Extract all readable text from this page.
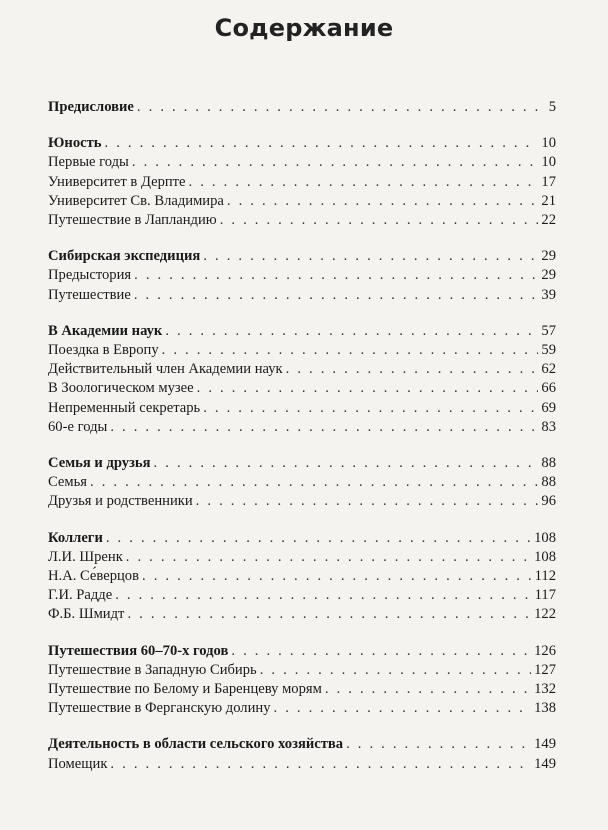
Содержание
Предисловие . . .	5
Юность . . .	10
Первые годы . . .	10
Университет в Дерпте . . .	17
Университет Св. Владимира . . .	21
Путешествие в Лапландию . . .	22
Сибирская экспедиция . . .	29
Предыстория . . .	29
Путешествие . . .	39
В Академии наук . . .	57
Поездка в Европу . . .	59
Действительный член Академии наук . . .	62
В Зоологическом музее . . .	66
Непременный секретарь . . .	69
60-е годы . . .	83
Семья и друзья . . .	88
Семья . . .	88
Друзья и родственники . . .	96
Коллеги . . .	108
Л.И. Шренк . . .	108
Н.А. Се́верцов . . .	112
Г.И. Радде . . .	117
Ф.Б. Шмидт . . .	122
Путешествия 60–70-х годов . . .	126
Путешествие в Западную Сибирь . . .	127
Путешествие по Белому и Баренцеву морям . . .	132
Путешествие в Ферганскую долину . . .	138
Деятельность в области сельского хозяйства . . .	149
Помещик . . .	149
